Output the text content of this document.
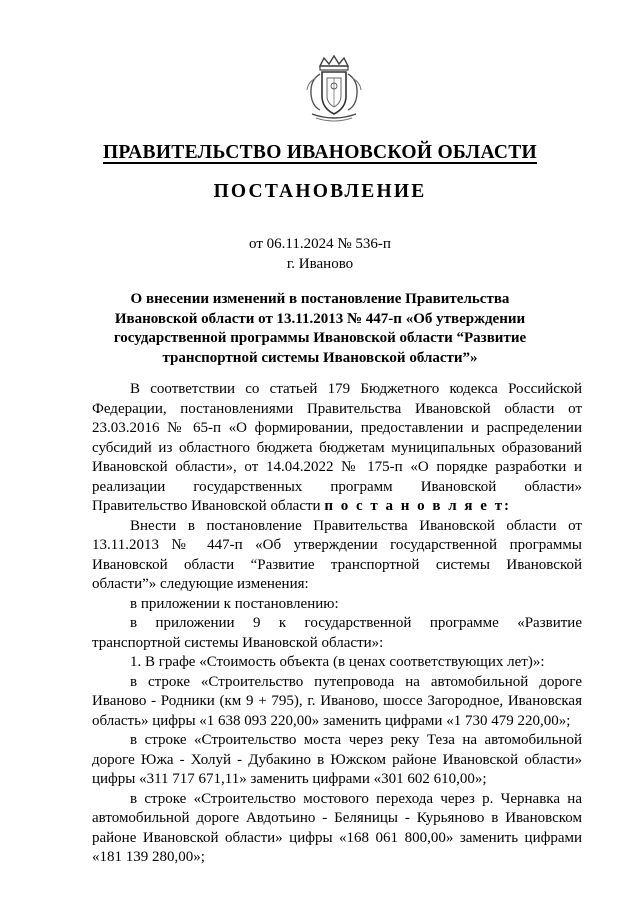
ПРАВИТЕЛЬСТВО ИВАНОВСКОЙ ОБЛАСТИ
ПОСТАНОВЛЕНИЕ
от 06.11.2024 № 536-п
г. Иваново
О внесении изменений в постановление Правительства Ивановской области от 13.11.2013 № 447-п «Об утверждении государственной программы Ивановской области “Развитие транспортной системы Ивановской области”»

В соответствии со статьей 179 Бюджетного кодекса Российской Федерации, постановлениями Правительства Ивановской области от 23.03.2016 № 65-п «О формировании, предоставлении и распределении субсидий из областного бюджета бюджетам муниципальных образований Ивановской области», от 14.04.2022 № 175-п «О порядке разработки и реализации государственных программ Ивановской области» Правительство Ивановской области п о с т а н о в л я е т:

Внести в постановление Правительства Ивановской области от 13.11.2013 № 447-п «Об утверждении государственной программы Ивановской области “Развитие транспортной системы Ивановской области”» следующие изменения:

в приложении к постановлению:

в приложении 9 к государственной программе «Развитие транспортной системы Ивановской области»:

1. В графе «Стоимость объекта (в ценах соответствующих лет)»:

в строке «Строительство путепровода на автомобильной дороге Иваново - Родники (км 9 + 795), г. Иваново, шоссе Загородное, Ивановская область» цифры «1 638 093 220,00» заменить цифрами «1 730 479 220,00»;

в строке «Строительство моста через реку Теза на автомобильной дороге Южа - Холуй - Дубакино в Южском районе Ивановской области» цифры «311 717 671,11» заменить цифрами «301 602 610,00»;

в строке «Строительство мостового перехода через р. Чернавка на автомобильной дороге Авдотьино - Беляницы - Курьяново в Ивановском районе Ивановской области» цифры «168 061 800,00» заменить цифрами «181 139 280,00»;
